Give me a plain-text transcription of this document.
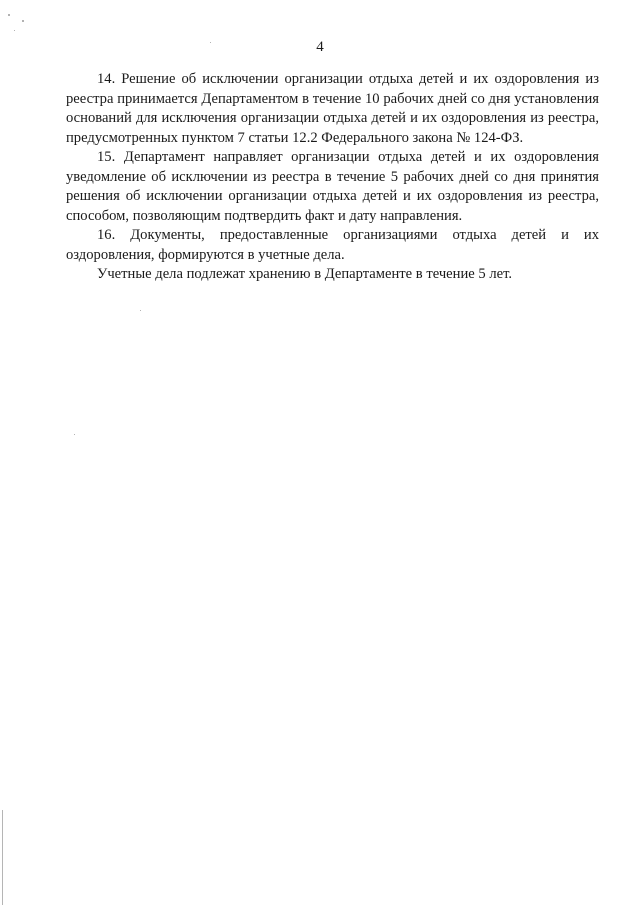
4

14. Решение об исключении организации отдыха детей и их оздоровления из реестра принимается Департаментом в течение 10 рабочих дней со дня установления оснований для исключения организации отдыха детей и их оздоровления из реестра, предусмотренных пунктом 7 статьи 12.2 Федерального закона № 124-ФЗ.

15. Департамент направляет организации отдыха детей и их оздоровления уведомление об исключении из реестра в течение 5 рабочих дней со дня принятия решения об исключении организации отдыха детей и их оздоровления из реестра, способом, позволяющим подтвердить факт и дату направления.

16. Документы, предоставленные организациями отдыха детей и их оздоровления, формируются в учетные дела.

Учетные дела подлежат хранению в Департаменте в течение 5 лет.
